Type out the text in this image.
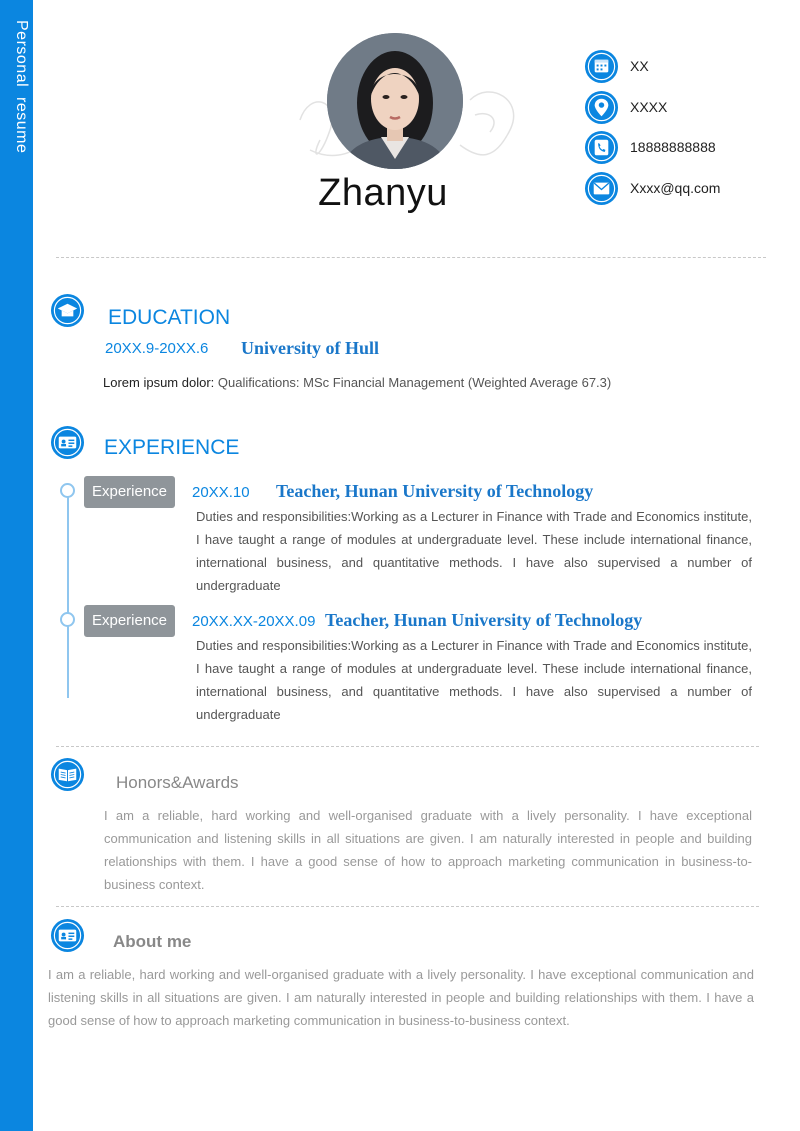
Personal  resume
Zhanyu
XX
XXXX
18888888888
Xxxx@qq.com
EDUCATION
20XX.9-20XX.6 University of Hull
Lorem ipsum dolor: Qualifications: MSc Financial Management (Weighted Average 67.3)
EXPERIENCE
Experience	20XX.10 Teacher, Hunan University of Technology
Duties and responsibilities:Working as a Lecturer in Finance with Trade and Economics institute, I have taught a range of modules at undergraduate level. These include international finance, international business, and quantitative methods. I have also supervised a number of undergraduate
Experience	20XX.XX-20XX.09 Teacher, Hunan University of Technology
Duties and responsibilities:Working as a Lecturer in Finance with Trade and Economics institute, I have taught a range of modules at undergraduate level. These include international finance, international business, and quantitative methods. I have also supervised a number of undergraduate
Honors&Awards
I am a reliable, hard working and well-organised graduate with a lively personality. I have exceptional communication and listening skills in all situations are given. I am naturally interested in people and building relationships with them. I have a good sense of how to approach marketing communication in business-to-business context.
About me
I am a reliable, hard working and well-organised graduate with a lively personality. I have exceptional communication and listening skills in all situations are given. I am naturally interested in people and building relationships with them. I have a good sense of how to approach marketing communication in business-to-business context.
